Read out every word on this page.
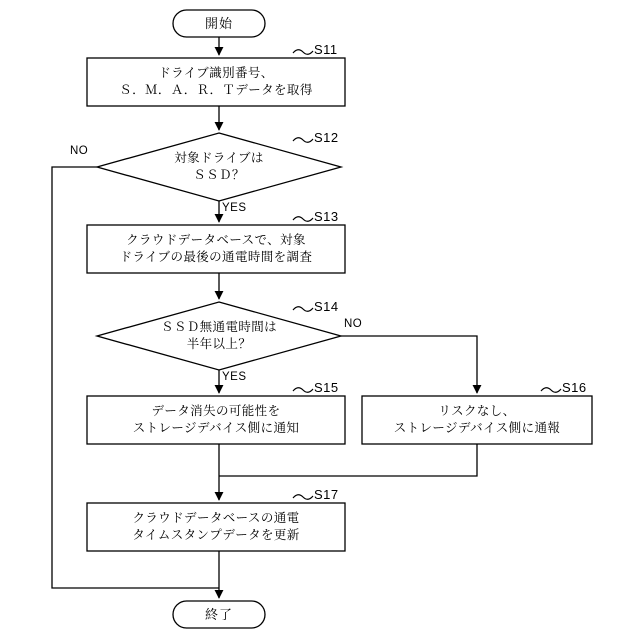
開始
ドライブ識別番号、
Ｓ．Ｍ．Ａ．Ｒ．Ｔデータを取得
対象ドライブは
ＳＳＤ？
クラウドデータベースで、対象
ドライブの最後の通電時間を調査
ＳＳＤ無通電時間は
半年以上？
データ消失の可能性を
ストレージデバイス側に通知
リスクなし、
ストレージデバイス側に通報
クラウドデータベースの通電
タイムスタンプデータを更新
終了
S11
S12
S13
S14
S15	S16
S17
NO
YES
NO
YES
